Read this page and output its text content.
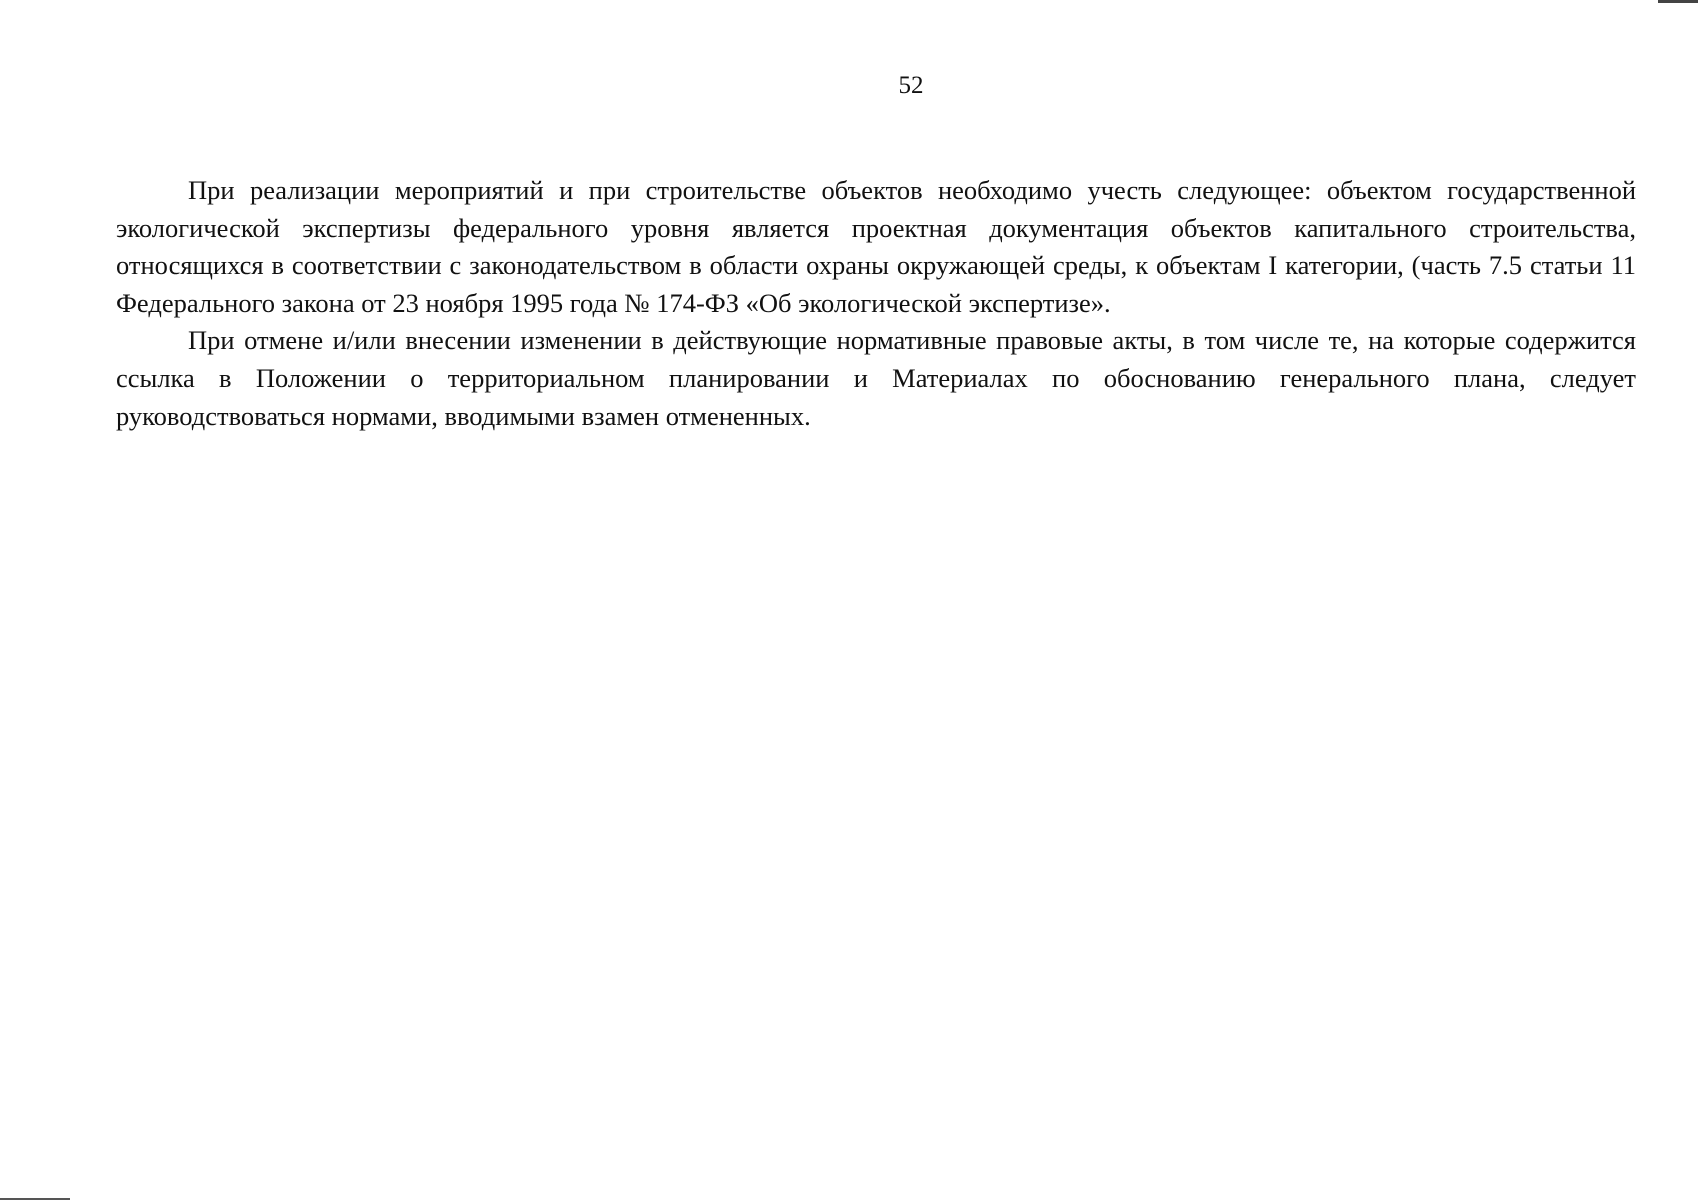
52

При реализации мероприятий и при строительстве объектов необходимо учесть следующее: объектом государственной экологической экспертизы федерального уровня является проектная документация объектов капитального строительства, относящихся в соответствии с законодательством в области охраны окружающей среды, к объектам I категории, (часть 7.5 статьи 11 Федерального закона от 23 ноября 1995 года № 174-ФЗ «Об экологической экспертизе».

При отмене и/или внесении изменении в действующие нормативные правовые акты, в том числе те, на которые содержится ссылка в Положении о территориальном планировании и Материалах по обоснованию генерального плана, следует руководствоваться нормами, вводимыми взамен отмененных.
